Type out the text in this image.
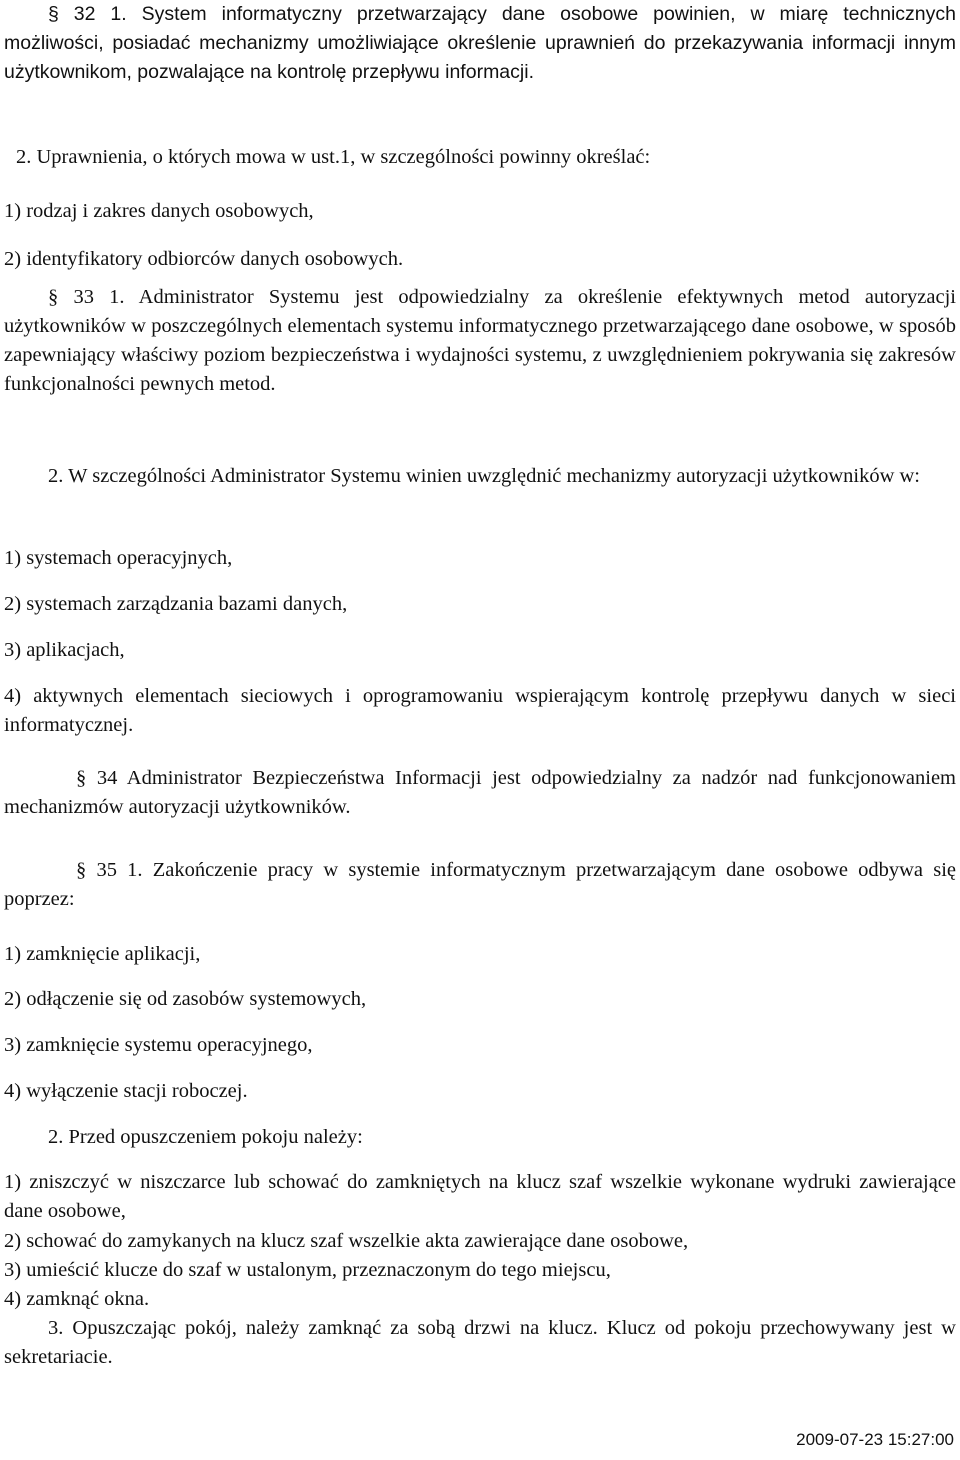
§ 32 1. System informatyczny przetwarzający dane osobowe powinien, w miarę technicznych możliwości, posiadać mechanizmy umożliwiające określenie uprawnień do przekazywania informacji innym użytkownikom, pozwalające na kontrolę przepływu informacji.

2. Uprawnienia, o których mowa w ust.1, w szczególności powinny określać:

1) rodzaj i zakres danych osobowych,

2) identyfikatory odbiorców danych osobowych.

§ 33 1. Administrator Systemu jest odpowiedzialny za określenie efektywnych metod autoryzacji użytkowników w poszczególnych elementach systemu informatycznego przetwarzającego dane osobowe, w sposób zapewniający właściwy poziom bezpieczeństwa i wydajności systemu, z uwzględnieniem pokrywania się zakresów funkcjonalności pewnych metod.

2. W szczególności Administrator Systemu winien uwzględnić mechanizmy autoryzacji użytkowników w:

1) systemach operacyjnych,

2) systemach zarządzania bazami danych,

3) aplikacjach,

4) aktywnych elementach sieciowych i oprogramowaniu wspierającym kontrolę przepływu danych w sieci informatycznej.

§ 34 Administrator Bezpieczeństwa Informacji jest odpowiedzialny za nadzór nad funkcjonowaniem mechanizmów autoryzacji użytkowników.

§ 35 1. Zakończenie pracy w systemie informatycznym przetwarzającym dane osobowe odbywa się poprzez:

1) zamknięcie aplikacji,

2) odłączenie się od zasobów systemowych,

3) zamknięcie systemu operacyjnego,

4) wyłączenie stacji roboczej.

2. Przed opuszczeniem pokoju należy:

1) zniszczyć w niszczarce lub schować do zamkniętych na klucz szaf wszelkie wykonane wydruki zawierające dane osobowe,

2) schować do zamykanych na klucz szaf wszelkie akta zawierające dane osobowe,

3) umieścić klucze do szaf w ustalonym, przeznaczonym do tego miejscu,

4) zamknąć okna.

3. Opuszczając pokój, należy zamknąć za sobą drzwi na klucz. Klucz od pokoju przechowywany jest w sekretariacie.

2009-07-23 15:27:00
